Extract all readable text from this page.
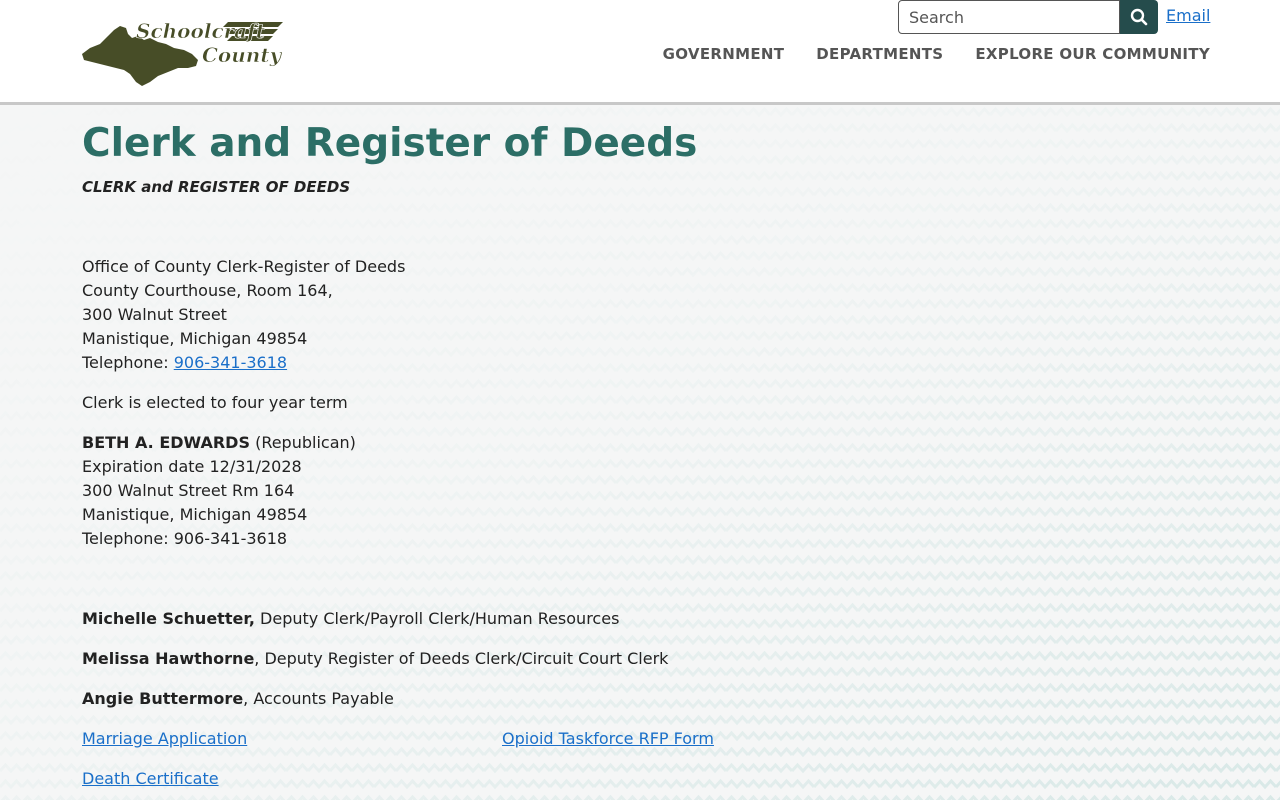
Schoolcraft
County
Search
Email
GOVERNMENT DEPARTMENTS EXPLORE OUR COMMUNITY
Clerk and Register of Deeds
CLERK and REGISTER OF DEEDS
Office of County Clerk-Register of Deeds
County Courthouse, Room 164,
300 Walnut Street
Manistique, Michigan 49854
Telephone: 906-341-3618
Clerk is elected to four year term
BETH A. EDWARDS (Republican)
Expiration date 12/31/2028
300 Walnut Street Rm 164
Manistique, Michigan 49854
Telephone: 906-341-3618
Michelle Schuetter, Deputy Clerk/Payroll Clerk/Human Resources
Melissa Hawthorne, Deputy Register of Deeds Clerk/Circuit Court Clerk
Angie Buttermore, Accounts Payable
Marriage Application	Opioid Taskforce RFP Form
Death Certificate
